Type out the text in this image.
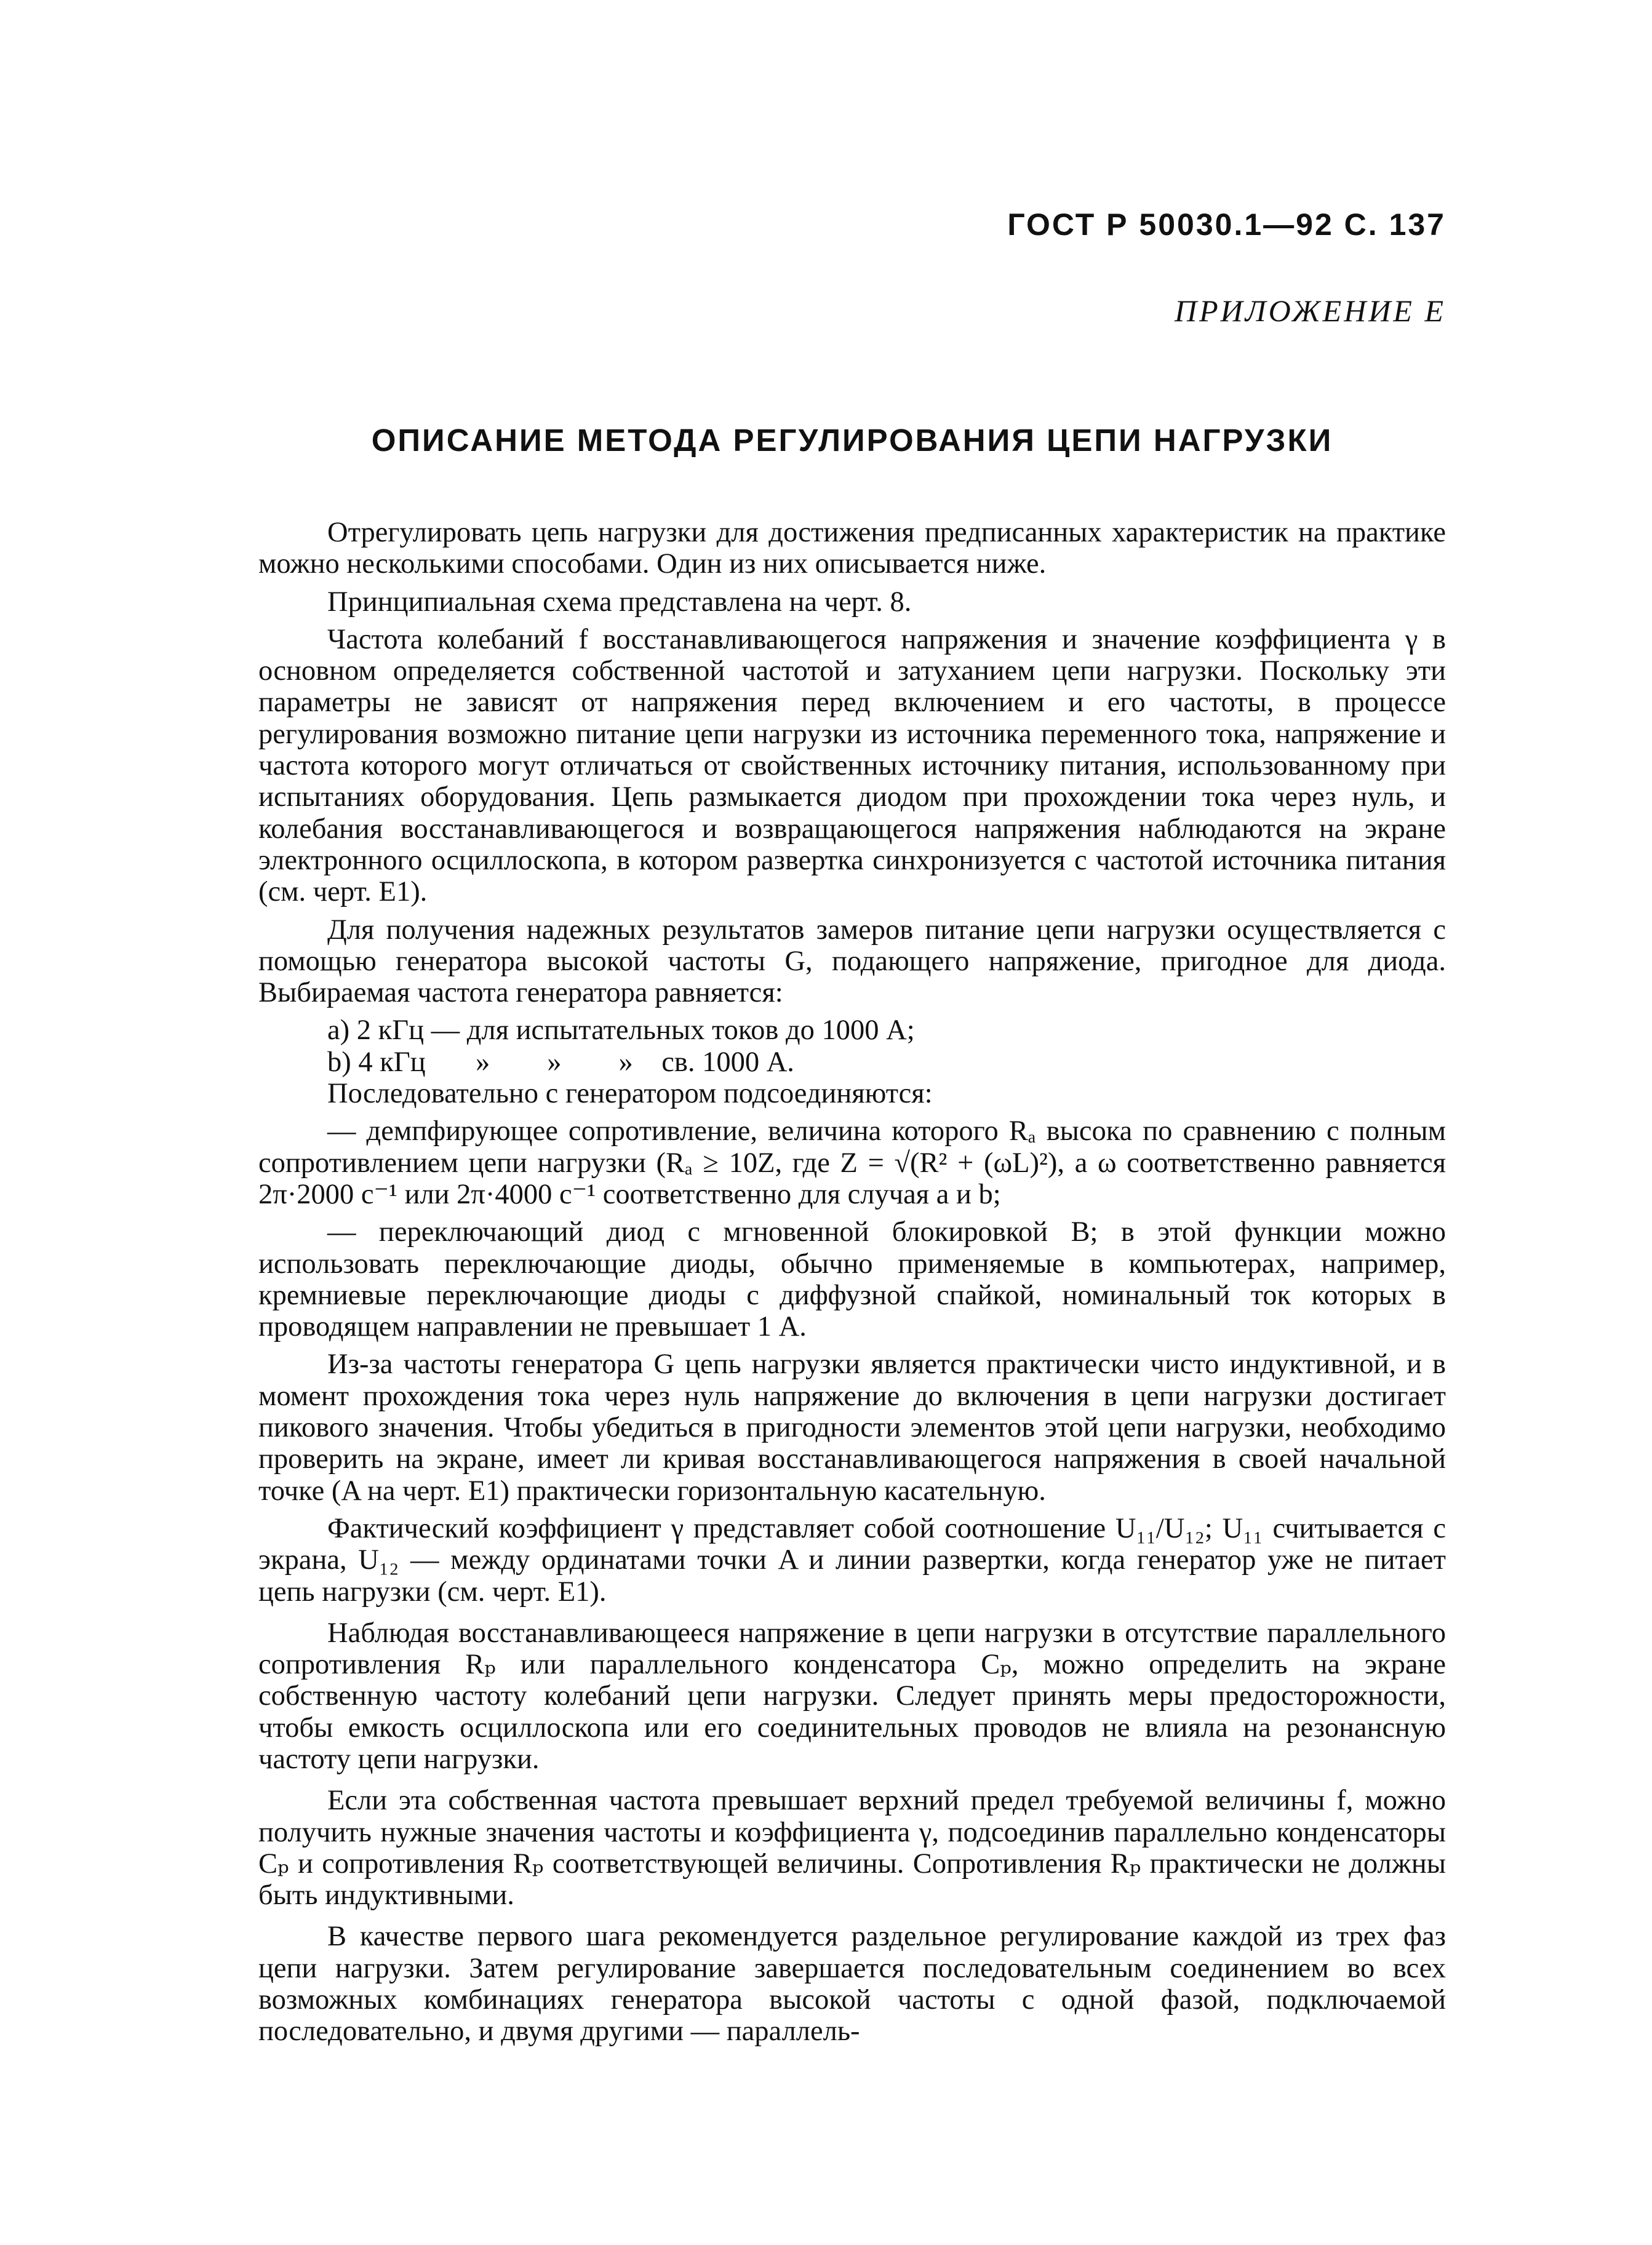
ГОСТ Р 50030.1—92 С. 137
ПРИЛОЖЕНИЕ Е
ОПИСАНИЕ МЕТОДА РЕГУЛИРОВАНИЯ ЦЕПИ НАГРУЗКИ

Отрегулировать цепь нагрузки для достижения предписанных характеристик на практике можно несколькими способами. Один из них описывается ниже.

Принципиальная схема представлена на черт. 8.

Частота колебаний f восстанавливающегося напряжения и значение коэффициента γ в основном определяется собственной частотой и затуханием цепи нагрузки. Поскольку эти параметры не зависят от напряжения перед включением и его частоты, в процессе регулирования возможно питание цепи нагрузки из источника переменного тока, напряжение и частота которого могут отличаться от свойственных источнику питания, использованному при испытаниях оборудования. Цепь размыкается диодом при прохождении тока через нуль, и колебания восстанавливающегося и возвращающегося напряжения наблюдаются на экране электронного осциллоскопа, в котором развертка синхронизуется с частотой источника питания (см. черт. Е1).

Для получения надежных результатов замеров питание цепи нагрузки осуществляется с помощью генератора высокой частоты G, подающего напряжение, пригодное для диода. Выбираемая частота генератора равняется:

a) 2 кГц — для испытательных токов до 1000 А;

b) 4 кГц       »        »        »    св. 1000 А.

Последовательно с генератором подсоединяются:

— демпфирующее сопротивление, величина которого Rₐ высока по сравнению с полным сопротивлением цепи нагрузки (Rₐ ≥ 10Z, где Z = √(R² + (ωL)²), а ω соответственно равняется 2π·2000 с⁻¹ или 2π·4000 с⁻¹ соответственно для случая a и b;

— переключающий диод с мгновенной блокировкой B; в этой функции можно использовать переключающие диоды, обычно применяемые в компьютерах, например, кремниевые переключающие диоды с диффузной спайкой, номинальный ток которых в проводящем направлении не превышает 1 А.

Из-за частоты генератора G цепь нагрузки является практически чисто индуктивной, и в момент прохождения тока через нуль напряжение до включения в цепи нагрузки достигает пикового значения. Чтобы убедиться в пригодности элементов этой цепи нагрузки, необходимо проверить на экране, имеет ли кривая восстанавливающегося напряжения в своей начальной точке (A на черт. Е1) практически горизонтальную касательную.

Фактический коэффициент γ представляет собой соотношение U₁₁/U₁₂; U₁₁ считывается с экрана, U₁₂ — между ординатами точки A и линии развертки, когда генератор уже не питает цепь нагрузки (см. черт. Е1).

Наблюдая восстанавливающееся напряжение в цепи нагрузки в отсутствие параллельного сопротивления Rₚ или параллельного конденсатора Cₚ, можно определить на экране собственную частоту колебаний цепи нагрузки. Следует принять меры предосторожности, чтобы емкость осциллоскопа или его соединительных проводов не влияла на резонансную частоту цепи нагрузки.

Если эта собственная частота превышает верхний предел требуемой величины f, можно получить нужные значения частоты и коэффициента γ, подсоединив параллельно конденсаторы Cₚ и сопротивления Rₚ соответствующей величины. Сопротивления Rₚ практически не должны быть индуктивными.

В качестве первого шага рекомендуется раздельное регулирование каждой из трех фаз цепи нагрузки. Затем регулирование завершается последовательным соединением во всех возможных комбинациях генератора высокой частоты с одной фазой, подключаемой последовательно, и двумя другими — параллель-
